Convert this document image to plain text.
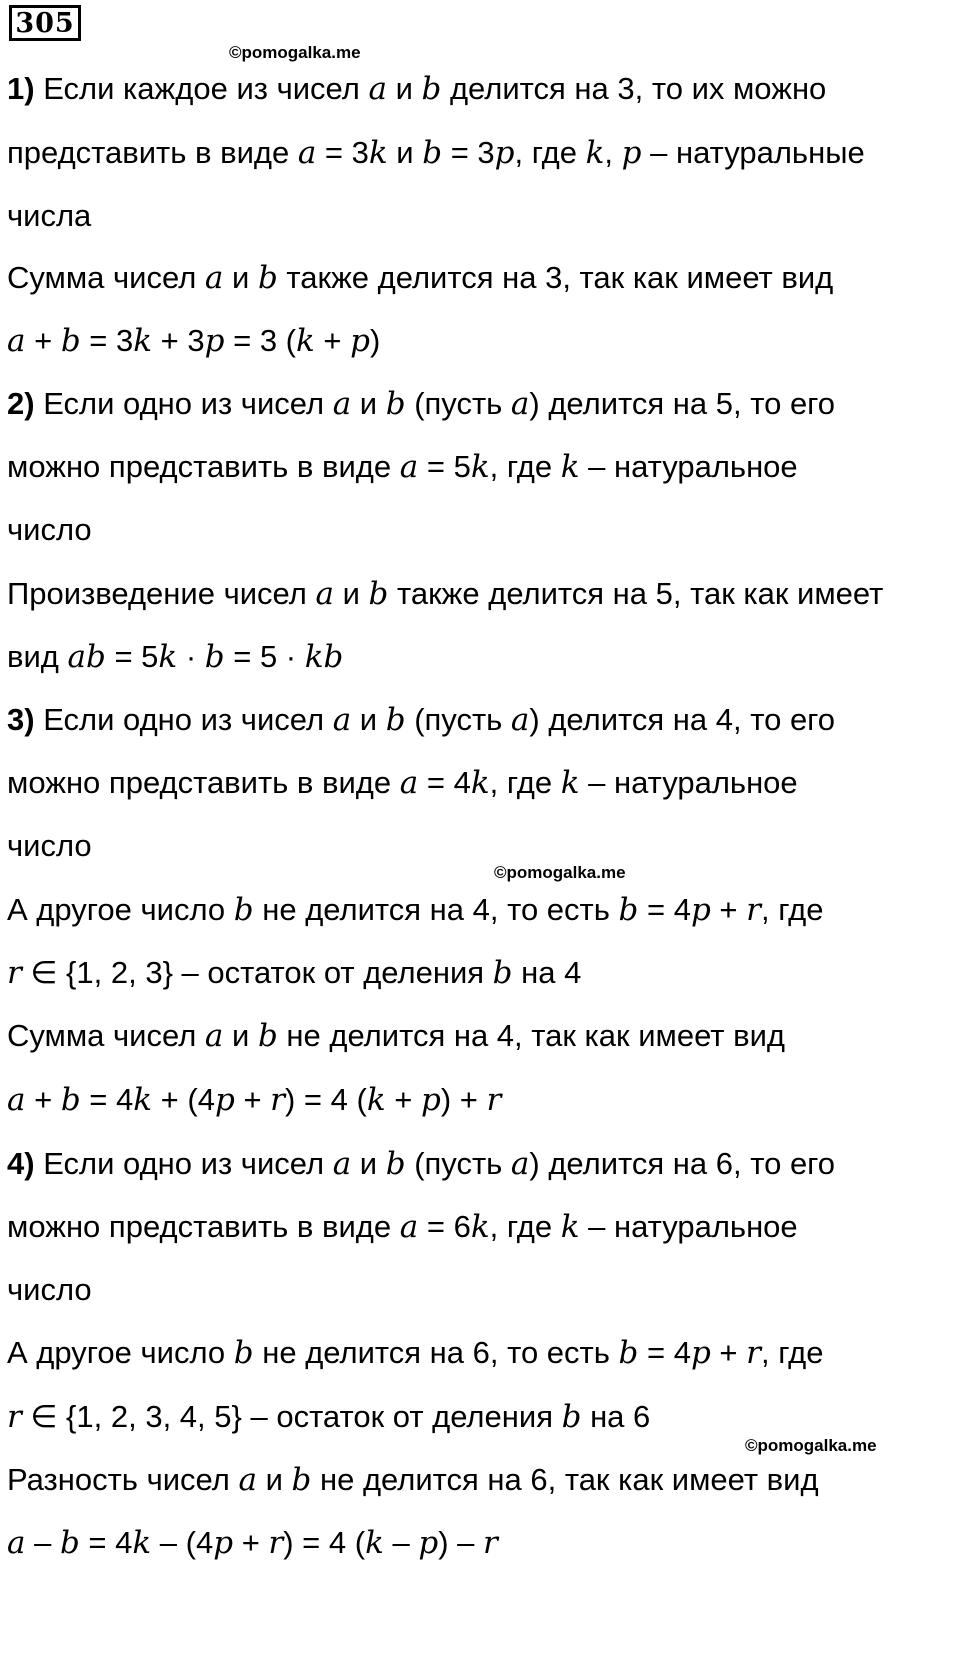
305
©pomogalka.me
©pomogalka.me
©pomogalka.me
1) Если каждое из чисел a и b делится на 3, то их можно
представить в виде a = 3k и b = 3p, где k, p – натуральные
числа
Сумма чисел a и b также делится на 3, так как имеет вид
a + b = 3k + 3p = 3 (k + p)
2) Если одно из чисел a и b (пусть a) делится на 5, то его
можно представить в виде a = 5k, где k – натуральное
число
Произведение чисел a и b также делится на 5, так как имеет
вид ab = 5k · b = 5 · kb
3) Если одно из чисел a и b (пусть a) делится на 4, то его
можно представить в виде a = 4k, где k – натуральное
число
А другое число b не делится на 4, то есть b = 4p + r, где
r ∈ {1, 2, 3} – остаток от деления b на 4
Сумма чисел a и b не делится на 4, так как имеет вид
a + b = 4k + (4p + r) = 4 (k + p) + r
4) Если одно из чисел a и b (пусть a) делится на 6, то его
можно представить в виде a = 6k, где k – натуральное
число
А другое число b не делится на 6, то есть b = 4p + r, где
r ∈ {1, 2, 3, 4, 5} – остаток от деления b на 6
Разность чисел a и b не делится на 6, так как имеет вид
a – b = 4k – (4p + r) = 4 (k – p) – r
